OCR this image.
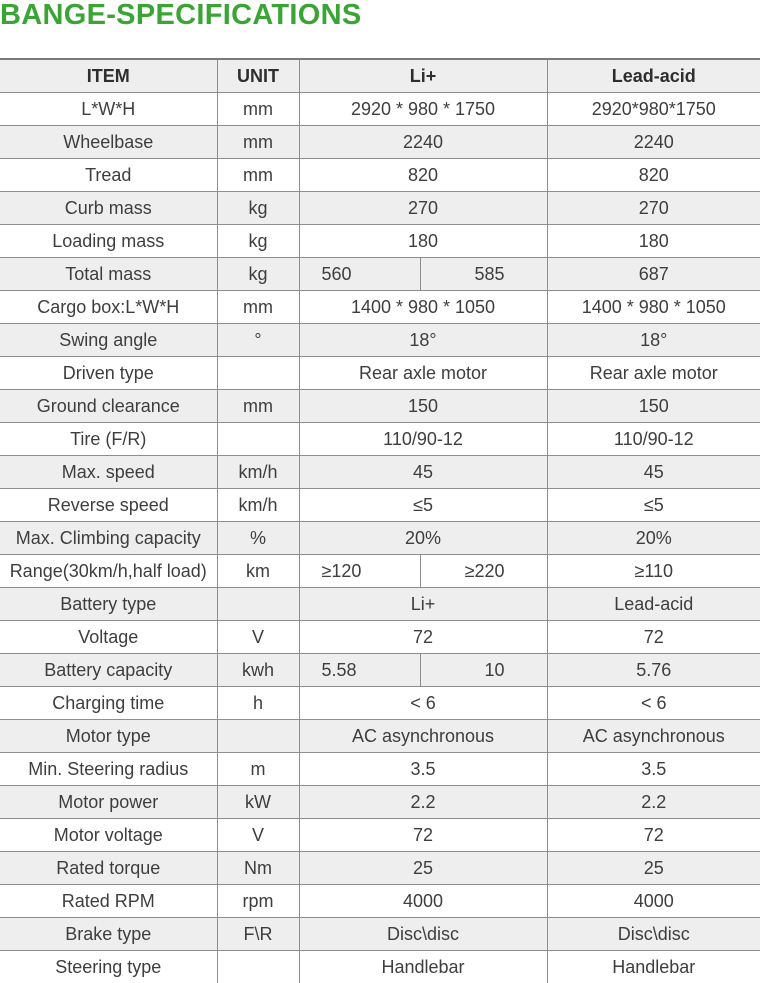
BANGE-SPECIFICATIONS
ITEM	UNIT	Li+		Lead-acid
L*W*H	mm	2920 * 980 * 1750		2920*980*1750
Wheelbase	mm	2240		2240
Tread	mm	820		820
Curb mass	kg	270		270
Loading mass	kg	180		180
Total mass	kg	560	585	687
Cargo box:L*W*H	mm	1400 * 980 * 1050		1400 * 980 * 1050
Swing angle	°	18°		18°
Driven type		Rear axle motor		Rear axle motor
Ground clearance	mm	150		150
Tire (F/R)		110/90-12		110/90-12
Max. speed	km/h	45		45
Reverse speed	km/h	≤5		≤5
Max. Climbing capacity	%	20%		20%
Range(30km/h,half load)	km	≥120	≥220	≥110
Battery type		Li+		Lead-acid
Voltage	V	72		72
Battery capacity	kwh	5.58	10	5.76
Charging time	h	< 6		< 6
Motor type		AC asynchronous		AC asynchronous
Min. Steering radius	m	3.5		3.5
Motor power	kW	2.2		2.2
Motor voltage	V	72		72
Rated torque	Nm	25		25
Rated RPM	rpm	4000		4000
Brake type	F\R	Disc\disc		Disc\disc
Steering type		Handlebar		Handlebar
